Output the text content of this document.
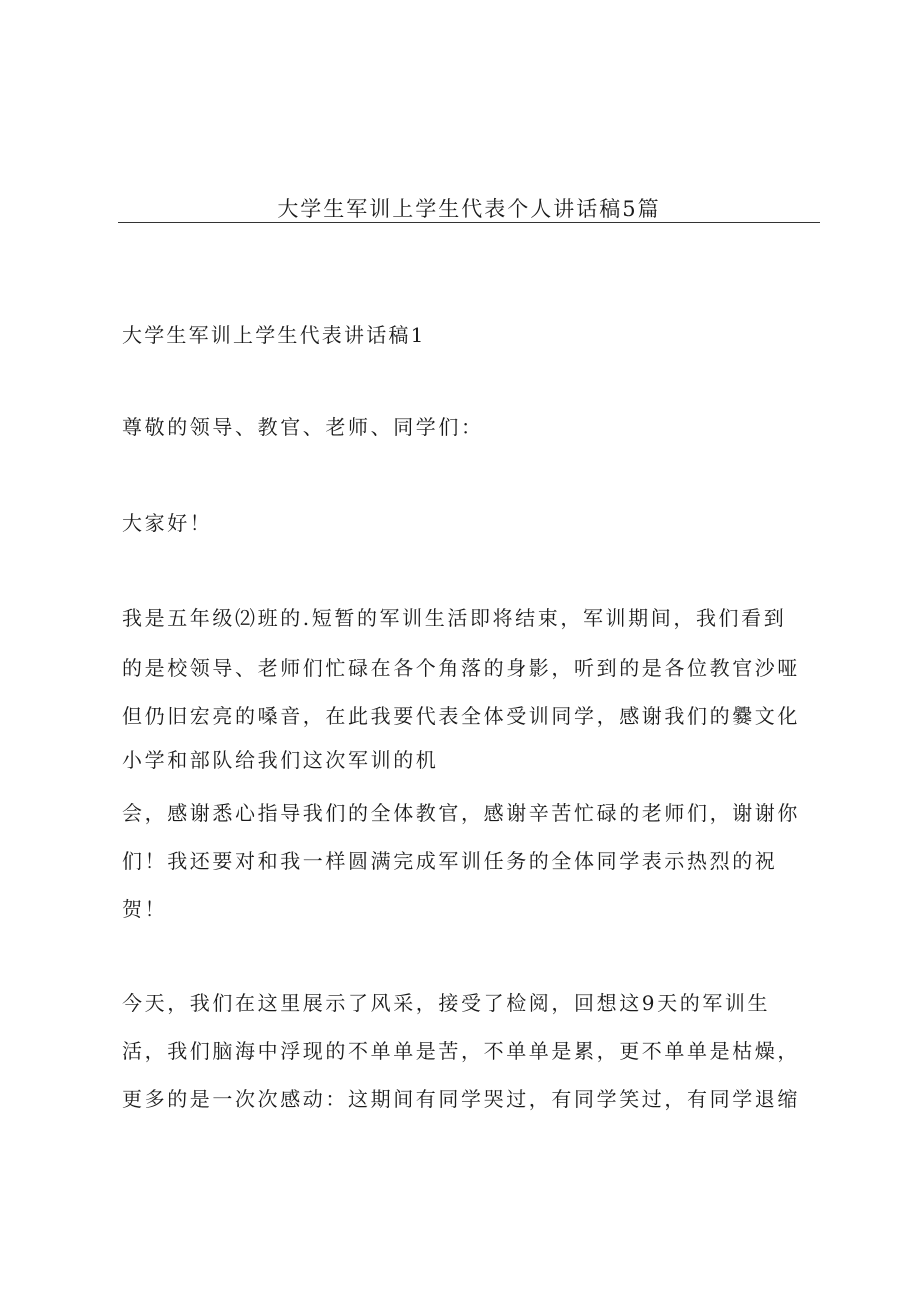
大学生军训上学生代表个人讲话稿5篇

大学生军训上学生代表讲话稿1

尊敬的领导、教官、老师、同学们：

大家好！

我是五年级⑵班的.短暂的军训生活即将结束，军训期间，我们看到

的是校领导、老师们忙碌在各个角落的身影，听到的是各位教官沙哑

但仍旧宏亮的嗓音，在此我要代表全体受训同学，感谢我们的爨文化

小学和部队给我们这次军训的机

会，感谢悉心指导我们的全体教官，感谢辛苦忙碌的老师们，谢谢你

们！我还要对和我一样圆满完成军训任务的全体同学表示热烈的祝

贺！

今天，我们在这里展示了风采，接受了检阅，回想这9天的军训生

活，我们脑海中浮现的不单单是苦，不单单是累，更不单单是枯燥，

更多的是一次次感动：这期间有同学哭过，有同学笑过，有同学退缩
